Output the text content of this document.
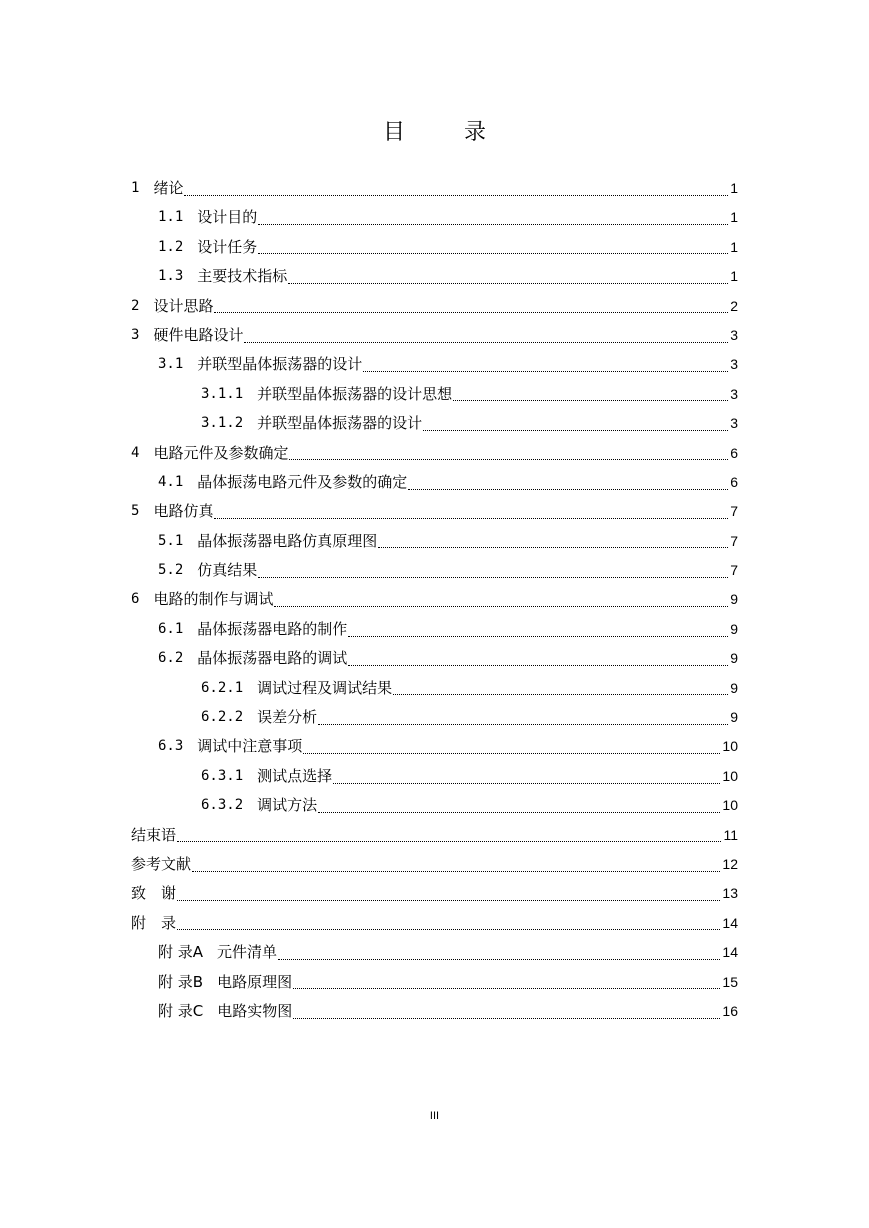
目 录
1 绪论	1
1.1 设计目的	1
1.2 设计任务	1
1.3 主要技术指标	1
2 设计思路	2
3 硬件电路设计	3
3.1 并联型晶体振荡器的设计	3
3.1.1 并联型晶体振荡器的设计思想	3
3.1.2 并联型晶体振荡器的设计	3
4 电路元件及参数确定	6
4.1 晶体振荡电路元件及参数的确定	6
5 电路仿真	7
5.1 晶体振荡器电路仿真原理图	7
5.2 仿真结果	7
6 电路的制作与调试	9
6.1 晶体振荡器电路的制作	9
6.2 晶体振荡器电路的调试	9
6.2.1 调试过程及调试结果	9
6.2.2 误差分析	9
6.3 调试中注意事项	10
6.3.1 测试点选择	10
6.3.2 调试方法	10
结束语	11
参考文献	12
致　谢	13
附　录	14
附 录A 元件清单	14
附 录B 电路原理图	15
附 录C 电路实物图	16
III
